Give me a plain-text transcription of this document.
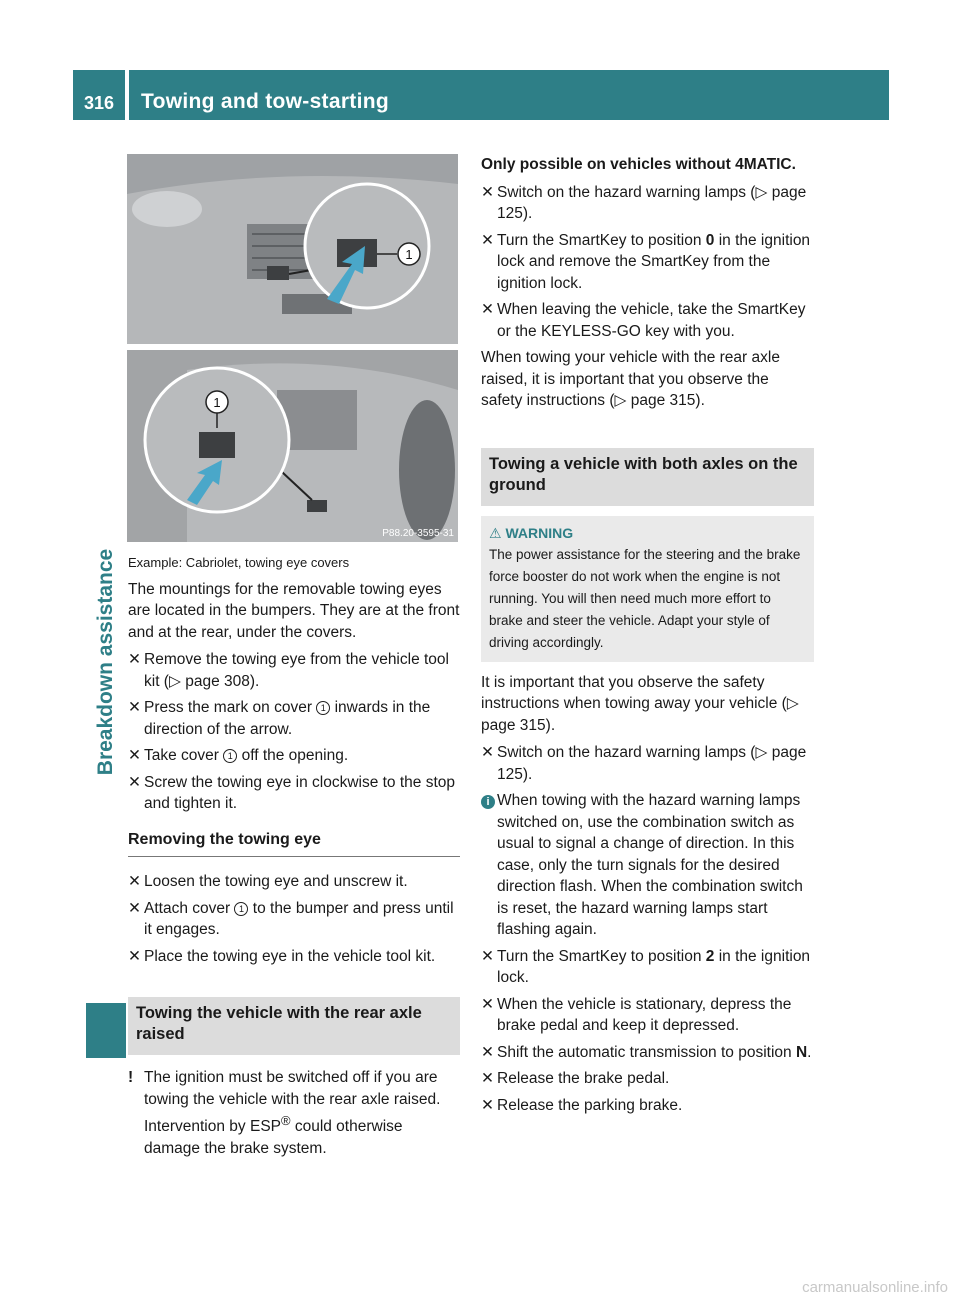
316	Towing and tow-starting
Breakdown assistance
1
1
P88.20-3595-31
Example: Cabriolet, towing eye covers

The mountings for the removable towing eyes are located in the bumpers. They are at the front and at the rear, under the covers.

✕ Remove the towing eye from the vehicle tool kit (▷ page 308).
✕ Press the mark on cover 1 inwards in the direction of the arrow.
✕ Take cover 1 off the opening.
✕ Screw the towing eye in clockwise to the stop and tighten it.
Removing the towing eye
✕ Loosen the towing eye and unscrew it.
✕ Attach cover 1 to the bumper and press until it engages.
✕ Place the towing eye in the vehicle tool kit.
Towing the vehicle with the rear axle raised
! The ignition must be switched off if you are towing the vehicle with the rear axle raised. Intervention by ESP® could otherwise damage the brake system.

Only possible on vehicles without 4MATIC.

✕ Switch on the hazard warning lamps (▷ page 125).
✕ Turn the SmartKey to position 0 in the ignition lock and remove the SmartKey from the ignition lock.
✕ When leaving the vehicle, take the SmartKey or the KEYLESS-GO key with you.

When towing your vehicle with the rear axle raised, it is important that you observe the safety instructions (▷ page 315).

Towing a vehicle with both axles on the ground
⚠ WARNING
The power assistance for the steering and the brake force booster do not work when the engine is not running. You will then need much more effort to brake and steer the vehicle. Adapt your style of driving accordingly.

It is important that you observe the safety instructions when towing away your vehicle (▷ page 315).

✕ Switch on the hazard warning lamps (▷ page 125).
i When towing with the hazard warning lamps switched on, use the combination switch as usual to signal a change of direction. In this case, only the turn signals for the desired direction flash. When the combination switch is reset, the hazard warning lamps start flashing again.
✕ Turn the SmartKey to position 2 in the ignition lock.
✕ When the vehicle is stationary, depress the brake pedal and keep it depressed.
✕ Shift the automatic transmission to position N.
✕ Release the brake pedal.
✕ Release the parking brake.
carmanualsonline.info
